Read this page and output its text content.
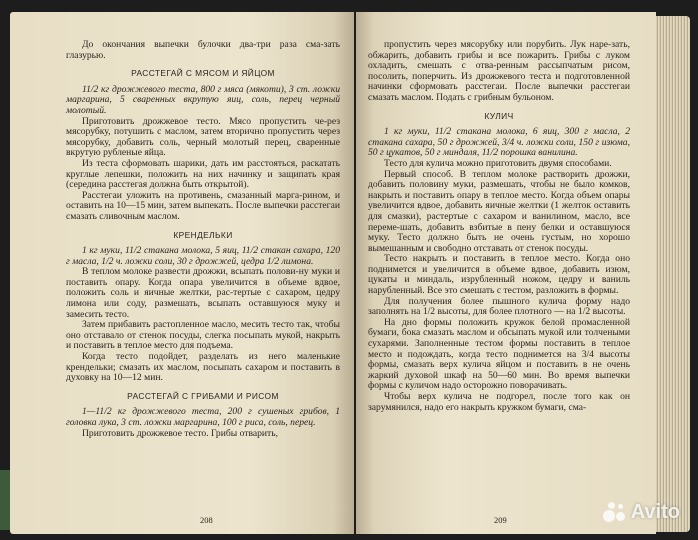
До окончания выпечки булочки два-три раза сма-зать глазурью.

РАССТЕГАЙ С МЯСОМ И ЯЙЦОМ

11/2 кг дрожжевого теста, 800 г мяса (мякоти), 3 ст. ложки маргарина, 5 сваренных вкрутую яиц, соль, перец черный молотый.

Приготовить дрожжевое тесто. Мясо пропустить че-рез мясорубку, потушить с маслом, затем вторично пропустить через мясорубку, добавить соль, черный молотый перец, сваренные вкрутую рубленые яйца.

Из теста сформовать шарики, дать им расстояться, раскатать круглые лепешки, положить на них начинку и защипать края (середина расстегая должна быть открытой).

Расстегаи уложить на противень, смазанный марга-рином, и оставить на 10—15 мин, затем выпекать. После выпечки расстегаи смазать сливочным маслом.

КРЕНДЕЛЬКИ

1 кг муки, 11/2 стакана молока, 5 яиц, 11/2 стакан сахара, 120 г масла, 1/2 ч. ложки соли, 30 г дрожжей, цедра 1/2 лимона.

В теплом молоке развести дрожжи, всыпать полови-ну муки и поставить опару. Когда опара увеличится в объеме вдвое, положить соль и яичные желтки, рас-тертые с сахаром, цедру лимона или соду, размешать, всыпать оставшуюся муку и замесить тесто.

Затем прибавить растопленное масло, месить тесто так, чтобы оно отставало от стенок посуды, слегка посыпать мукой, накрыть и поставить в теплое место для подъема.

Когда тесто подойдет, разделать из него маленькие крендельки; смазать их маслом, посыпать сахаром и поставить в духовку на 10—12 мин.

РАССТЕГАЙ С ГРИБАМИ И РИСОМ

1—11/2 кг дрожжевого теста, 200 г сушеных грибов, 1 головка лука, 3 ст. ложки маргарина, 100 г риса, соль, перец.

Приготовить дрожжевое тесто. Грибы отварить,

208

пропустить через мясорубку или порубить. Лук наре-зать, обжарить, добавить грибы и все пожарить. Грибы с луком охладить, смешать с отва-ренным рассыпчатым рисом, посолить, поперчить. Из дрожжевого теста и подготовленной начинки сформовать расстегаи. После выпечки расстегаи смазать маслом. Подать с грибным бульоном.

КУЛИЧ

1 кг муки, 11/2 стакана молока, 6 яиц, 300 г масла, 2 стакана сахара, 50 г дрожжей, 3/4 ч. ложки соли, 150 г изюма, 50 г цукатов, 50 г миндаля, 11/2 порошка ванилина.

Тесто для кулича можно приготовить двумя способами.

Первый способ. В теплом молоке растворить дрожжи, добавить половину муки, размешать, чтобы не было комков, накрыть и поставить опару в теплое место. Когда объем опары увеличится вдвое, добавить яичные желтки (1 желток оставить для смазки), растертые с сахаром и ванилином, масло, все переме-шать, добавить взбитые в пену белки и оставшуюся муку. Тесто должно быть не очень густым, но хорошо вымешанным и свободно отставать от стенок посуды.

Тесто накрыть и поставить в теплое место. Когда оно поднимется и увеличится в объеме вдвое, добавить изюм, цукаты и миндаль, изрубленный ножом, цедру и ваниль нарубленный. Все это смешать с тестом, разложить в формы.

Для получения более пышного кулича форму надо заполнять на 1/2 высоты, для более плотного — на 1/2 высоты.

На дно формы положить кружок белой промасленной бумаги, бока смазать маслом и обсыпать мукой или толчеными сухарями. Заполненные тестом формы поставить в теплое место и подождать, когда тесто поднимется на 3/4 высоты формы, смазать верх кулича яйцом и поставить в не очень жаркий духовой шкаф на 50—60 мин. Во время выпечки формы с куличом надо осторожно поворачивать.

Чтобы верх кулича не подгорел, после того как он зарумянился, надо его накрыть кружком бумаги, сма-

209	Avito
